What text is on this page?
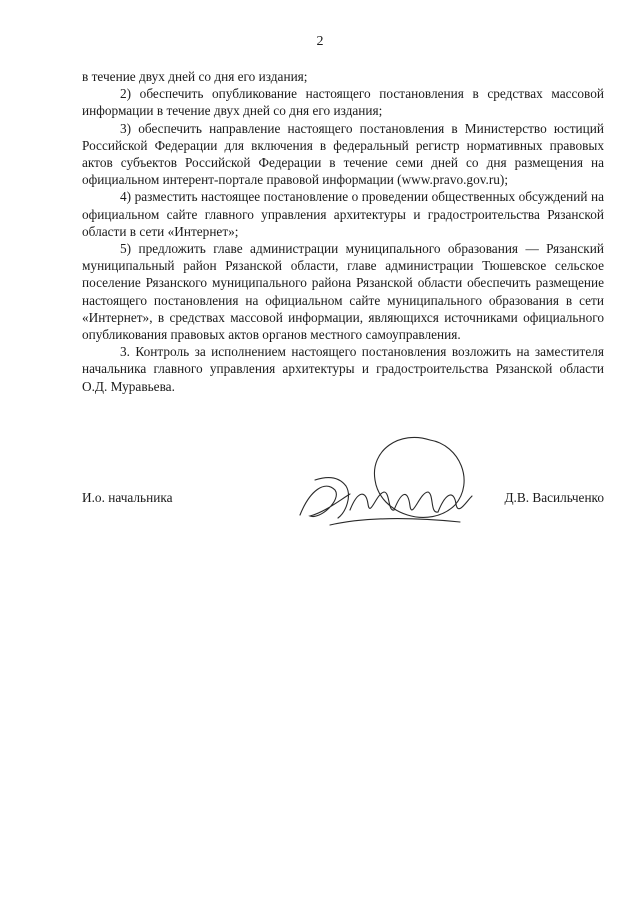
2

в течение двух дней со дня его издания;

2) обеспечить опубликование настоящего постановления в средствах массовой информации в течение двух дней со дня его издания;

3) обеспечить направление настоящего постановления в Министерство юстиций Российской Федерации для включения в федеральный регистр нормативных правовых актов субъектов Российской Федерации в течение семи дней со дня размещения на официальном интерент-портале правовой информации (www.pravo.gov.ru);

4) разместить настоящее постановление о проведении общественных обсуждений на официальном сайте главного управления архитектуры и градостроительства Рязанской области в сети «Интернет»;

5) предложить главе администрации муниципального образования — Рязанский муниципальный район Рязанской области, главе администрации Тюшевское сельское поселение Рязанского муниципального района Рязанской области обеспечить размещение настоящего постановления на официальном сайте муниципального образования в сети «Интернет», в средствах массовой информации, являющихся источниками официального опубликования правовых актов органов местного самоуправления.

3. Контроль за исполнением настоящего постановления возложить на заместителя начальника главного управления архитектуры и градостроительства Рязанской области О.Д. Муравьева.

И.о. начальника	Д.В. Васильченко
